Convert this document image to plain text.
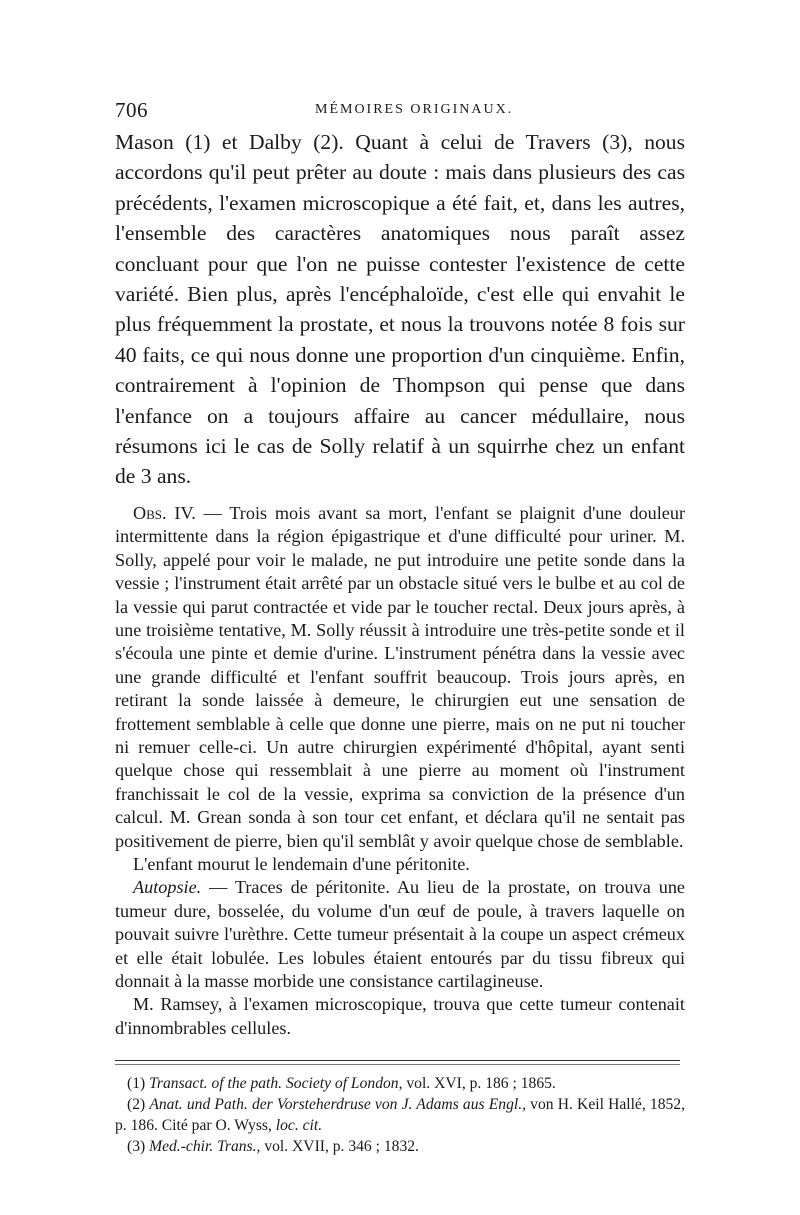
706	MÉMOIRES ORIGINAUX.

Mason (1) et Dalby (2). Quant à celui de Travers (3), nous accordons qu'il peut prêter au doute : mais dans plusieurs des cas précédents, l'examen microscopique a été fait, et, dans les autres, l'ensemble des caractères anatomiques nous paraît assez concluant pour que l'on ne puisse contester l'existence de cette variété. Bien plus, après l'encéphaloïde, c'est elle qui envahit le plus fréquemment la prostate, et nous la trouvons notée 8 fois sur 40 faits, ce qui nous donne une proportion d'un cinquième. Enfin, contrairement à l'opinion de Thompson qui pense que dans l'enfance on a toujours affaire au cancer médullaire, nous résumons ici le cas de Solly relatif à un squirrhe chez un enfant de 3 ans.

Obs. IV. — Trois mois avant sa mort, l'enfant se plaignit d'une douleur intermittente dans la région épigastrique et d'une difficulté pour uriner. M. Solly, appelé pour voir le malade, ne put introduire une petite sonde dans la vessie ; l'instrument était arrêté par un obstacle situé vers le bulbe et au col de la vessie qui parut contractée et vide par le toucher rectal. Deux jours après, à une troisième tentative, M. Solly réussit à introduire une très-petite sonde et il s'écoula une pinte et demie d'urine. L'instrument pénétra dans la vessie avec une grande difficulté et l'enfant souffrit beaucoup. Trois jours après, en retirant la sonde laissée à demeure, le chirurgien eut une sensation de frottement semblable à celle que donne une pierre, mais on ne put ni toucher ni remuer celle-ci. Un autre chirurgien expérimenté d'hôpital, ayant senti quelque chose qui ressemblait à une pierre au moment où l'instrument franchissait le col de la vessie, exprima sa conviction de la présence d'un calcul. M. Grean sonda à son tour cet enfant, et déclara qu'il ne sentait pas positivement de pierre, bien qu'il semblât y avoir quelque chose de semblable.

L'enfant mourut le lendemain d'une péritonite.

Autopsie. — Traces de péritonite. Au lieu de la prostate, on trouva une tumeur dure, bosselée, du volume d'un œuf de poule, à travers laquelle on pouvait suivre l'urèthre. Cette tumeur présentait à la coupe un aspect crémeux et elle était lobulée. Les lobules étaient entourés par du tissu fibreux qui donnait à la masse morbide une consistance cartilagineuse.

M. Ramsey, à l'examen microscopique, trouva que cette tumeur contenait d'innombrables cellules.

(1) Transact. of the path. Society of London, vol. XVI, p. 186 ; 1865.

(2) Anat. und Path. der Vorsteherdruse von J. Adams aus Engl., von H. Keil Hallé, 1852, p. 186. Cité par O. Wyss, loc. cit.

(3) Med.-chir. Trans., vol. XVII, p. 346 ; 1832.
